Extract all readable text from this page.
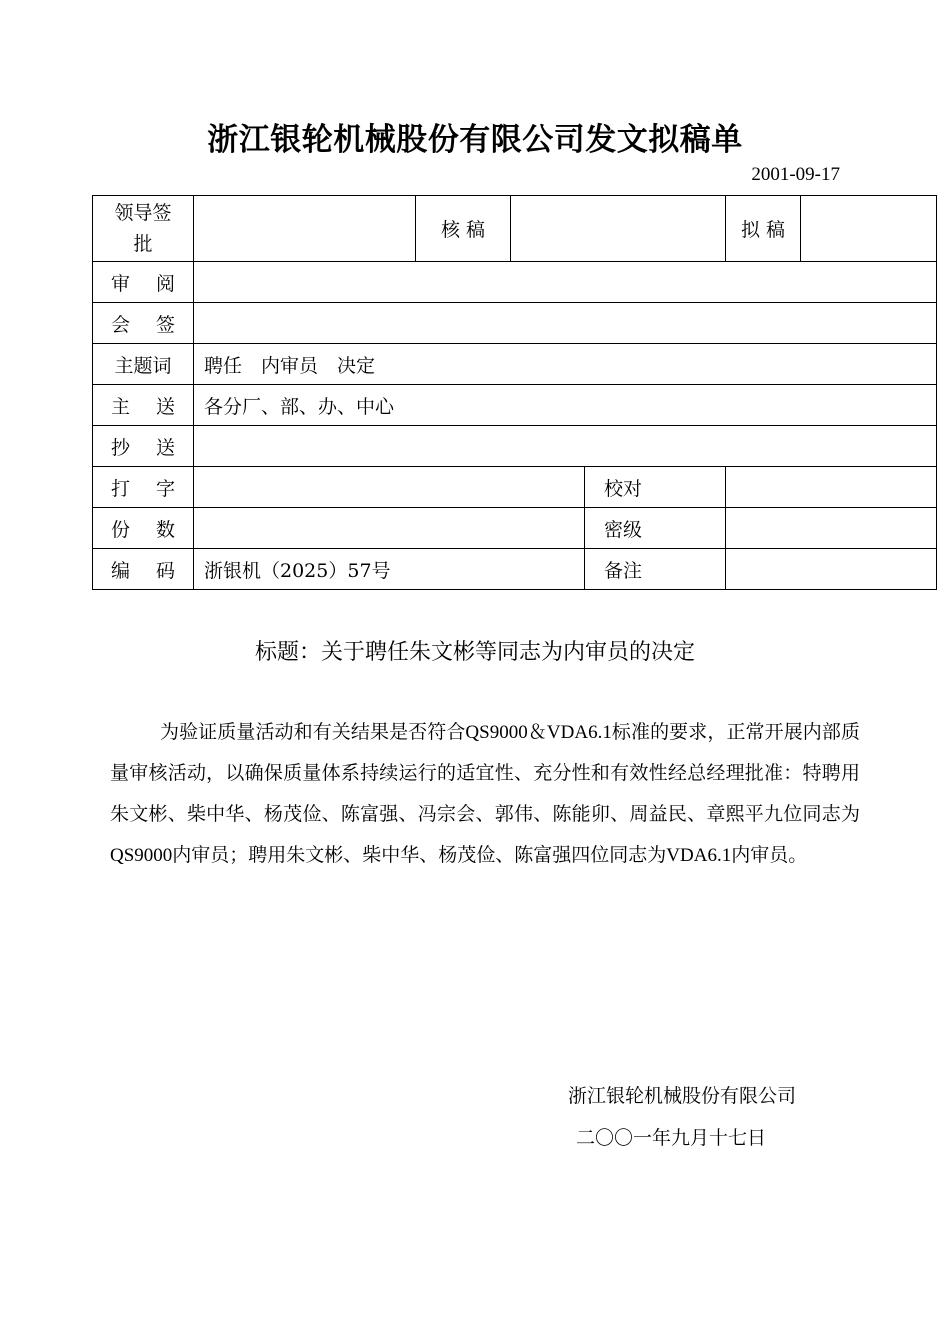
浙江银轮机械股份有限公司发文拟稿单
2001-09-17
领导签批		核 稿			拟 稿	

审 阅						

会 签						

主题词	聘任　内审员　决定					

主 送	各分厂、部、办、中心					

抄 送						

打 字				校对		

份 数				密级		

编 码	浙银机（2025）57号			备注		

标题：关于聘任朱文彬等同志为内审员的决定
为验证质量活动和有关结果是否符合QS9000＆VDA6.1标准的要求，正常开展内部质量审核活动，以确保质量体系持续运行的适宜性、充分性和有效性经总经理批准：特聘用朱文彬、柴中华、杨茂俭、陈富强、冯宗会、郭伟、陈能卯、周益民、章熙平九位同志为QS9000内审员；聘用朱文彬、柴中华、杨茂俭、陈富强四位同志为VDA6.1内审员。
浙江银轮机械股份有限公司
二〇〇一年九月十七日
